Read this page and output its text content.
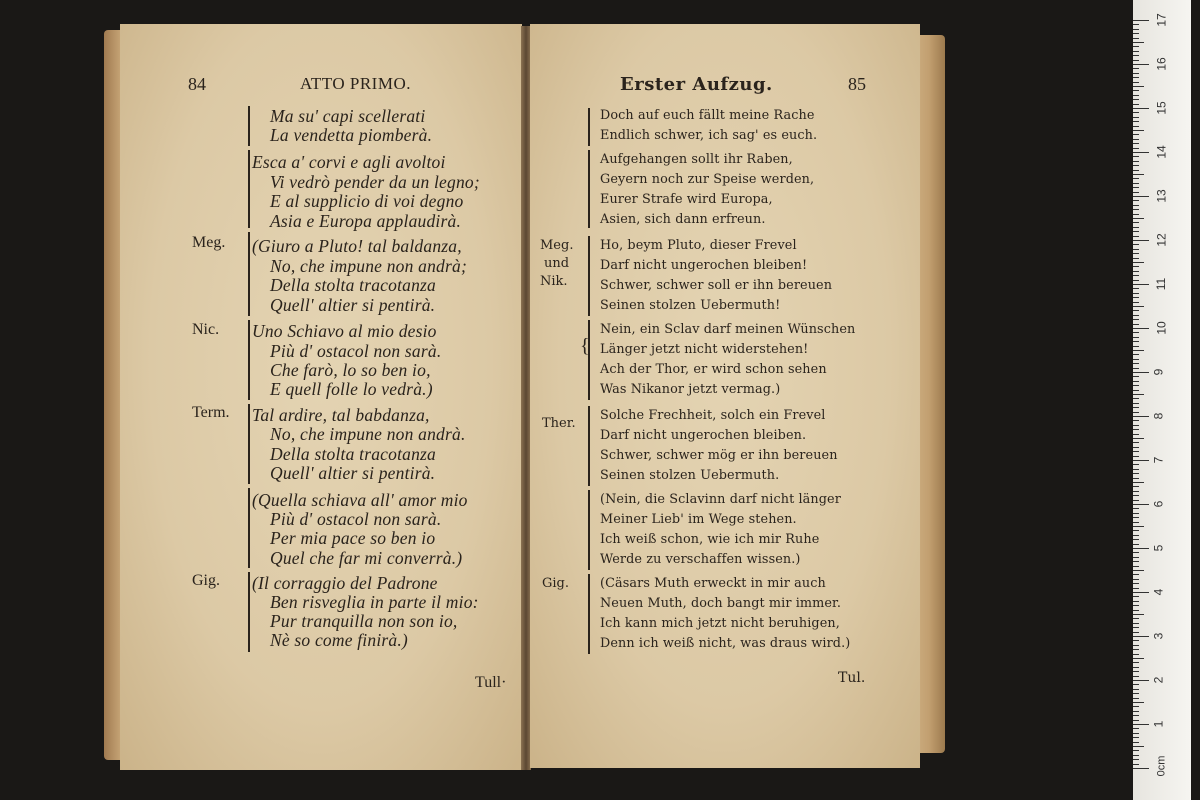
84	ATTO PRIMO.
Meg.
Nic.
Term.
Gig.
Ma su' capi scellerati
La vendetta piomberà.
Esca a' corvi e agli avoltoi
Vi vedrò pender da un legno;
E al supplicio di voi degno
Asia e Europa applaudirà.
(Giuro a Pluto! tal baldanza,
No, che impune non andrà;
Della stolta tracotanza
Quell' altier si pentirà.
Uno Schiavo al mio desio
Più d' ostacol non sarà.
Che farò, lo so ben io,
E quell folle lo vedrà.)
Tal ardire, tal babdanza,
No, che impune non andrà.
Della stolta tracotanza
Quell' altier si pentirà.
(Quella schiava all' amor mio
Più d' ostacol non sarà.
Per mia pace so ben io
Quel che far mi converrà.)
(Il corraggio del Padrone
Ben risveglia in parte il mio:
Pur tranquilla non son io,
Nè so come finirà.)
Tull·
Erster Aufzug.	85
{
Meg.
und
Nik.
Ther.
Gig.
Doch auf euch fällt meine Rache
Endlich schwer, ich sag' es euch.
Aufgehangen sollt ihr Raben,
Geyern noch zur Speise werden,
Eurer Strafe wird Europa,
Asien, sich dann erfreun.
Ho, beym Pluto, dieser Frevel
Darf nicht ungerochen bleiben!
Schwer, schwer soll er ihn bereuen
Seinen stolzen Uebermuth!
Nein, ein Sclav darf meinen Wünschen
Länger jetzt nicht widerstehen!
Ach der Thor, er wird schon sehen
Was Nikanor jetzt vermag.)
Solche Frechheit, solch ein Frevel
Darf nicht ungerochen bleiben.
Schwer, schwer mög er ihn bereuen
Seinen stolzen Uebermuth.
(Nein, die Sclavinn darf nicht länger
Meiner Lieb' im Wege stehen.
Ich weiß schon, wie ich mir Ruhe
Werde zu verschaffen wissen.)
(Cäsars Muth erweckt in mir auch
Neuen Muth, doch bangt mir immer.
Ich kann mich jetzt nicht beruhigen,
Denn ich weiß nicht, was draus wird.)
Tul.
0cm
1
2
3
4
5
6
7
8
9
10
11
12
13
14
15
16
17
